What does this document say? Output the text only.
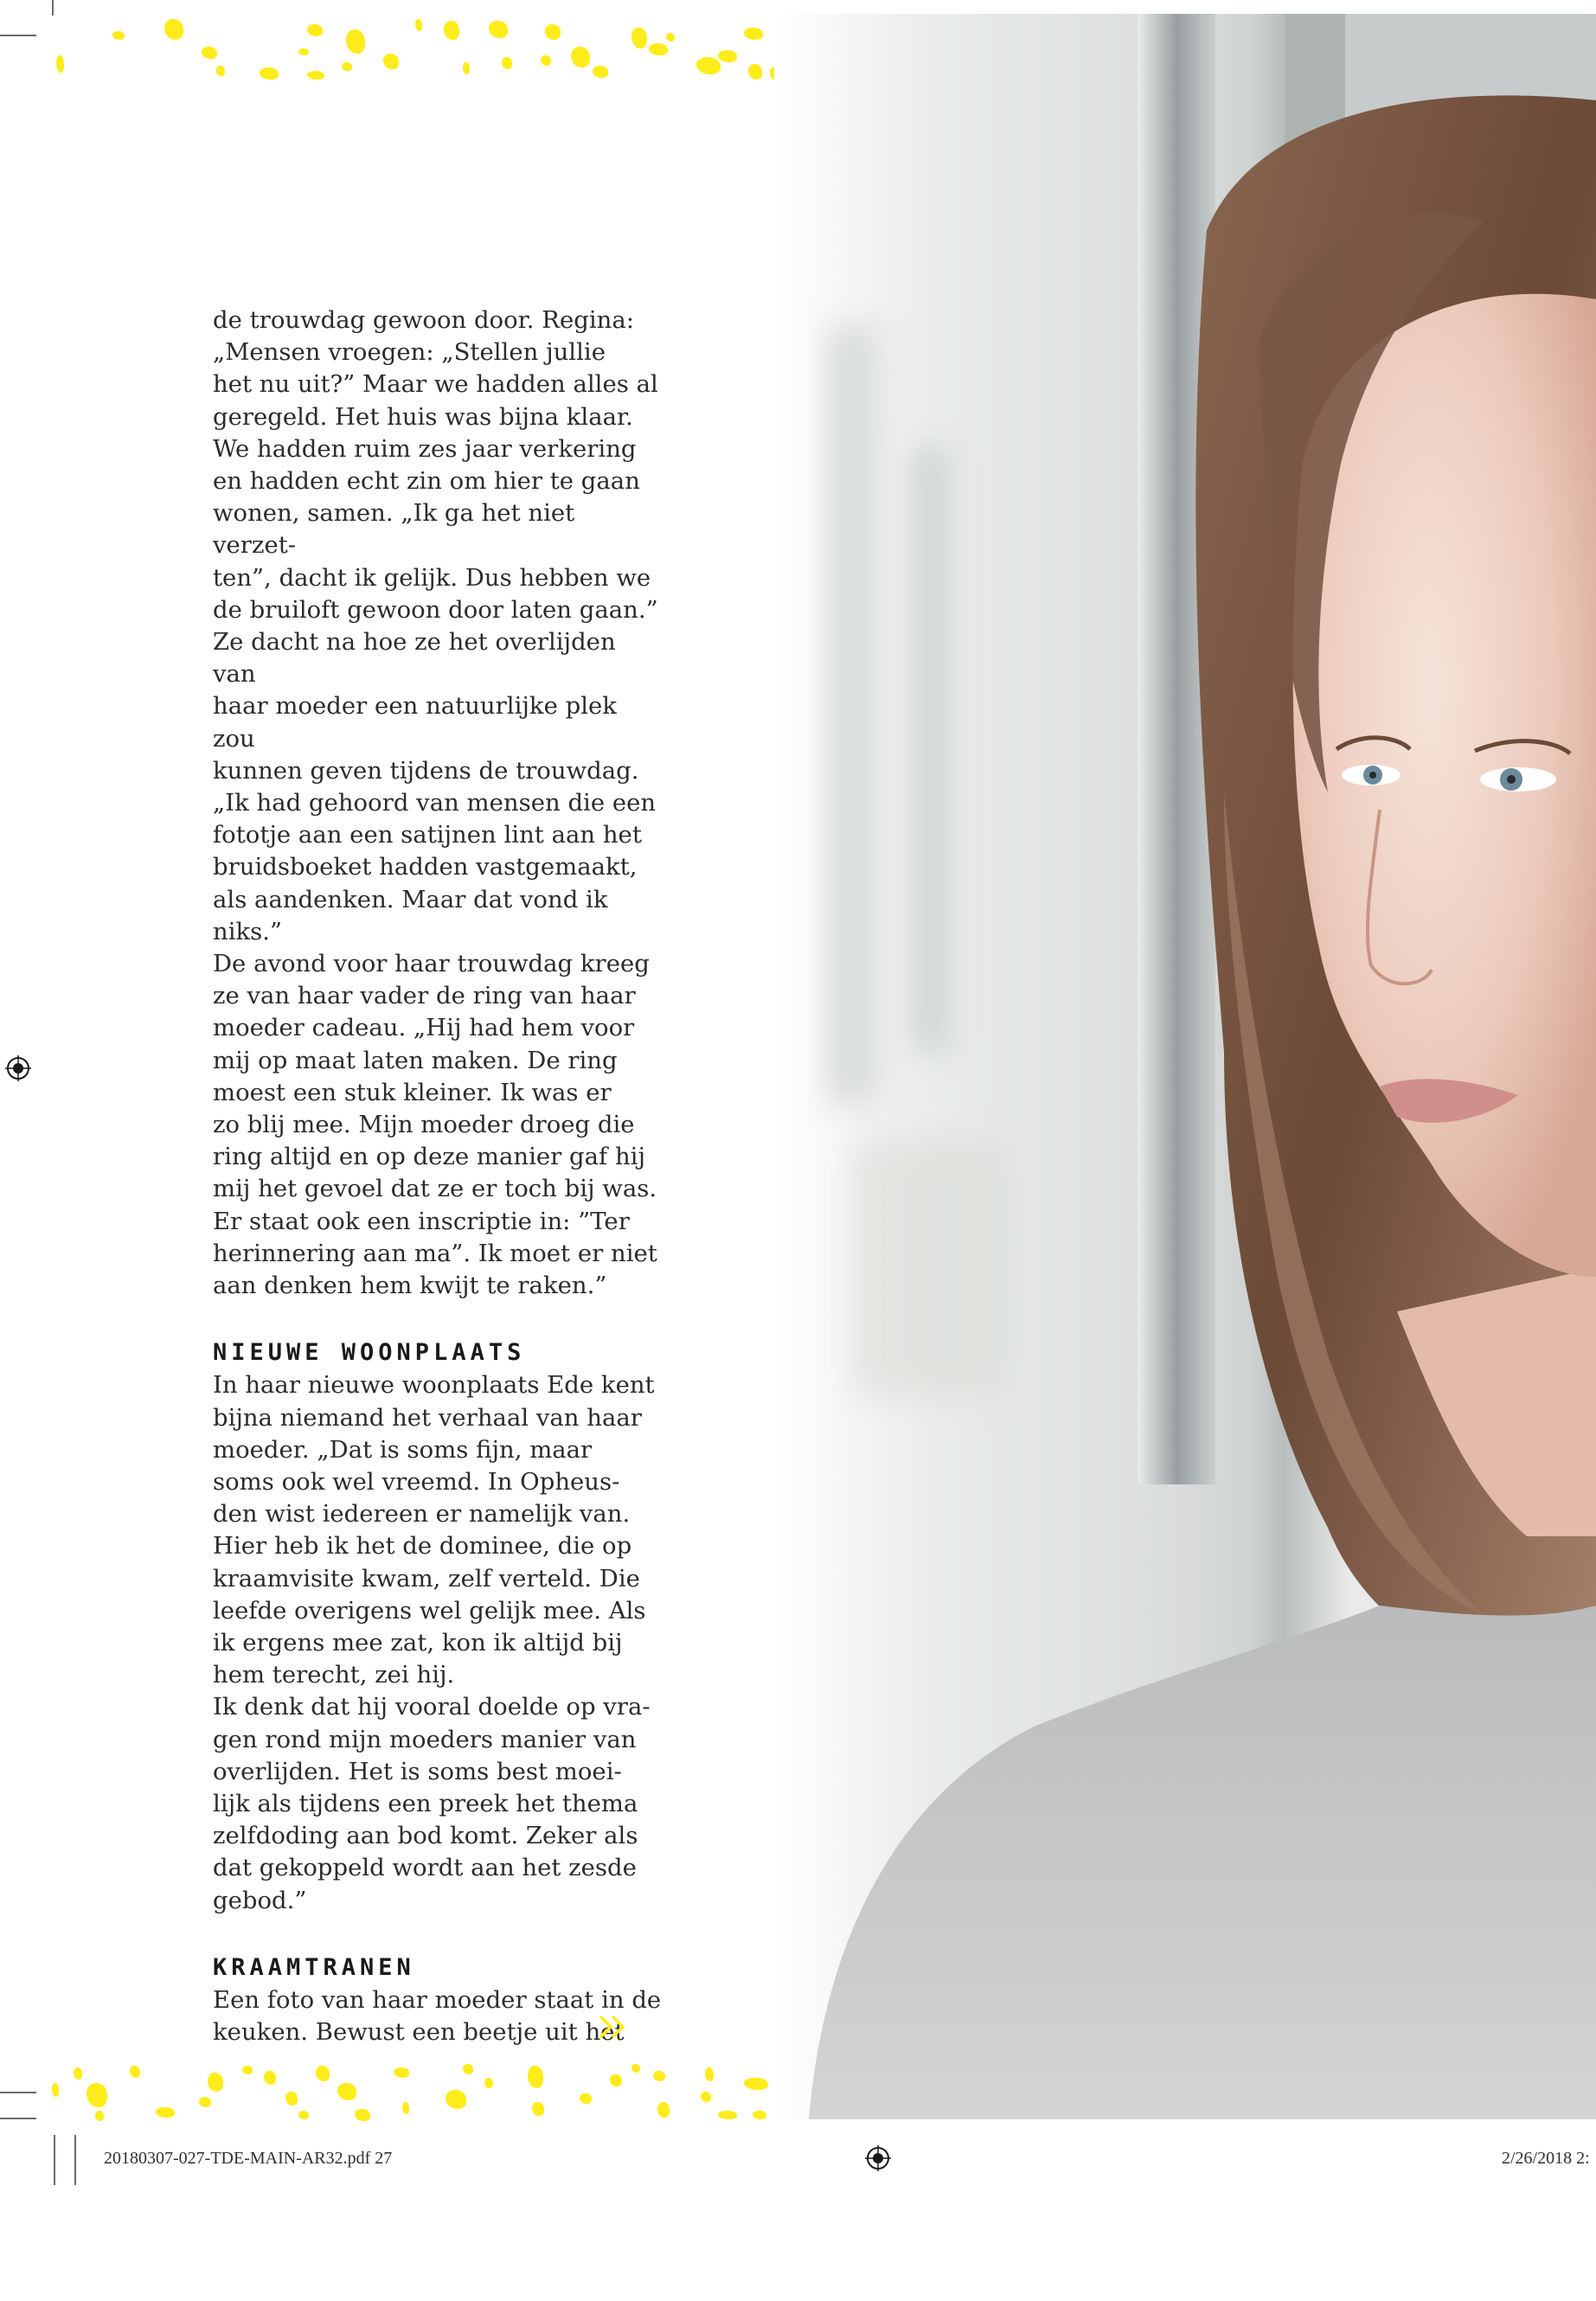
de trouwdag gewoon door. Regina:
„Mensen vroegen: „Stellen jullie
het nu uit?” Maar we hadden alles al
geregeld. Het huis was bijna klaar.
We hadden ruim zes jaar verkering
en hadden echt zin om hier te gaan
wonen, samen. „Ik ga het niet verzet-
ten”, dacht ik gelijk. Dus hebben we
de bruiloft gewoon door laten gaan.”
Ze dacht na hoe ze het overlijden van
haar moeder een natuurlijke plek zou
kunnen geven tijdens de trouwdag.
„Ik had gehoord van mensen die een
fototje aan een satijnen lint aan het
bruidsboeket hadden vastgemaakt,
als aandenken. Maar dat vond ik
niks.”
De avond voor haar trouwdag kreeg
ze van haar vader de ring van haar
moeder cadeau. „Hij had hem voor
mij op maat laten maken. De ring
moest een stuk kleiner. Ik was er
zo blij mee. Mijn moeder droeg die
ring altijd en op deze manier gaf hij
mij het gevoel dat ze er toch bij was.
Er staat ook een inscriptie in: ”Ter
herinnering aan ma”. Ik moet er niet
aan denken hem kwijt te raken.”

NIEUWE WOONPLAATS

In haar nieuwe woonplaats Ede kent
bijna niemand het verhaal van haar
moeder. „Dat is soms fijn, maar
soms ook wel vreemd. In Opheus-
den wist iedereen er namelijk van.
Hier heb ik het de dominee, die op
kraamvisite kwam, zelf verteld. Die
leefde overigens wel gelijk mee. Als
ik ergens mee zat, kon ik altijd bij
hem terecht, zei hij.
Ik denk dat hij vooral doelde op vra-
gen rond mijn moeders manier van
overlijden. Het is soms best moei-
lijk als tijdens een preek het thema
zelfdoding aan bod komt. Zeker als
dat gekoppeld wordt aan het zesde
gebod.”

KRAAMTRANEN

Een foto van haar moeder staat in de
keuken. Bewust een beetje uit het

20180307-027-TDE-MAIN-AR32.pdf 27	2/26/2018 2:
